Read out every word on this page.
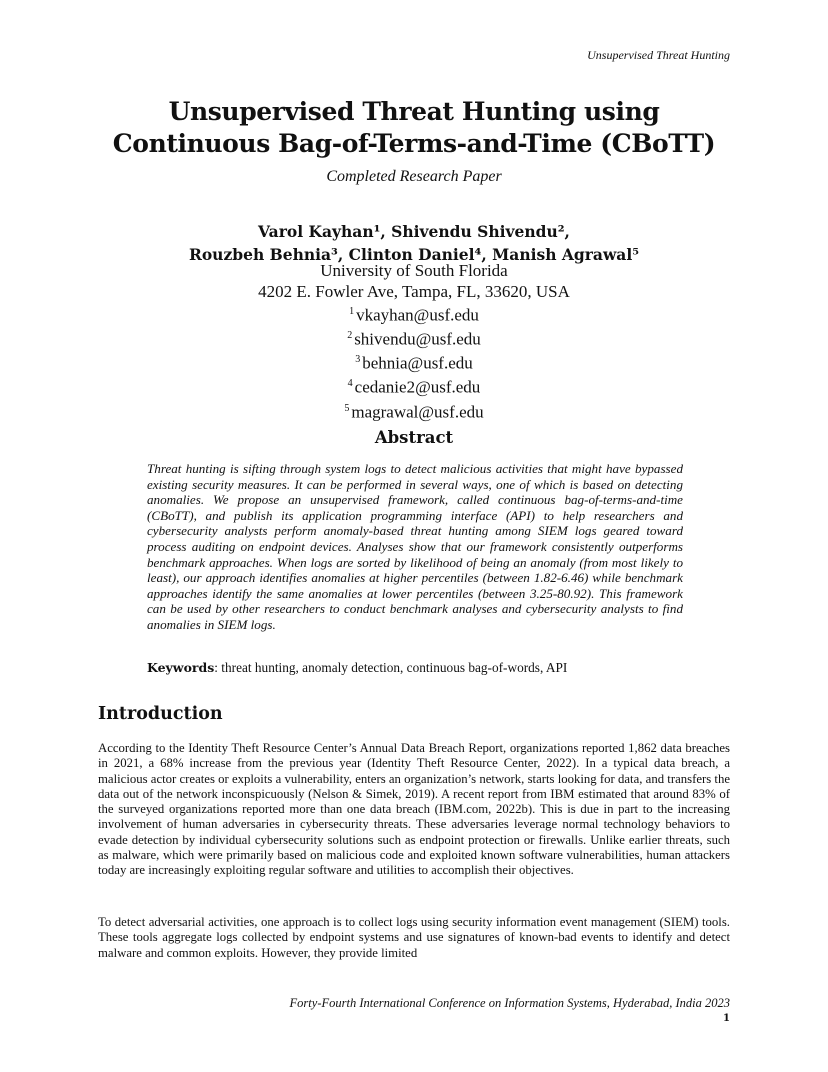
Unsupervised Threat Hunting
Unsupervised Threat Hunting using
Continuous Bag-of-Terms-and-Time (CBoTT)
Completed Research Paper
Varol Kayhan¹, Shivendu Shivendu²,
Rouzbeh Behnia³, Clinton Daniel⁴, Manish Agrawal⁵
University of South Florida
4202 E. Fowler Ave, Tampa, FL, 33620, USA
$^1$ vkayhan@usf.edu
$^2$ shivendu@usf.edu
$^3$ behnia@usf.edu
$^4$ cedanie2@usf.edu
$^5$ magrawal@usf.edu
Abstract

Threat hunting is sifting through system logs to detect malicious activities that might have bypassed existing security measures. It can be performed in several ways, one of which is based on detecting anomalies. We propose an unsupervised framework, called continuous bag-of-terms-and-time (CBoTT), and publish its application programming interface (API) to help researchers and cybersecurity analysts perform anomaly-based threat hunting among SIEM logs geared toward process auditing on endpoint devices. Analyses show that our framework consistently outperforms benchmark approaches. When logs are sorted by likelihood of being an anomaly (from most likely to least), our approach identifies anomalies at higher percentiles (between 1.82-6.46) while benchmark approaches identify the same anomalies at lower percentiles (between 3.25-80.92). This framework can be used by other researchers to conduct benchmark analyses and cybersecurity analysts to find anomalies in SIEM logs.

Keywords: threat hunting, anomaly detection, continuous bag-of-words, API

Introduction

According to the Identity Theft Resource Center’s Annual Data Breach Report, organizations reported 1,862 data breaches in 2021, a 68% increase from the previous year (Identity Theft Resource Center, 2022). In a typical data breach, a malicious actor creates or exploits a vulnerability, enters an organization’s network, starts looking for data, and transfers the data out of the network inconspicuously (Nelson & Simek, 2019). A recent report from IBM estimated that around 83% of the surveyed organizations reported more than one data breach (IBM.com, 2022b). This is due in part to the increasing involvement of human adversaries in cybersecurity threats. These adversaries leverage normal technology behaviors to evade detection by individual cybersecurity solutions such as endpoint protection or firewalls. Unlike earlier threats, such as malware, which were primarily based on malicious code and exploited known software vulnerabilities, human attackers today are increasingly exploiting regular software and utilities to accomplish their objectives.

To detect adversarial activities, one approach is to collect logs using security information event management (SIEM) tools. These tools aggregate logs collected by endpoint systems and use signatures of known-bad events to identify and detect malware and common exploits. However, they provide limited

Forty-Fourth International Conference on Information Systems, Hyderabad, India 2023
1
